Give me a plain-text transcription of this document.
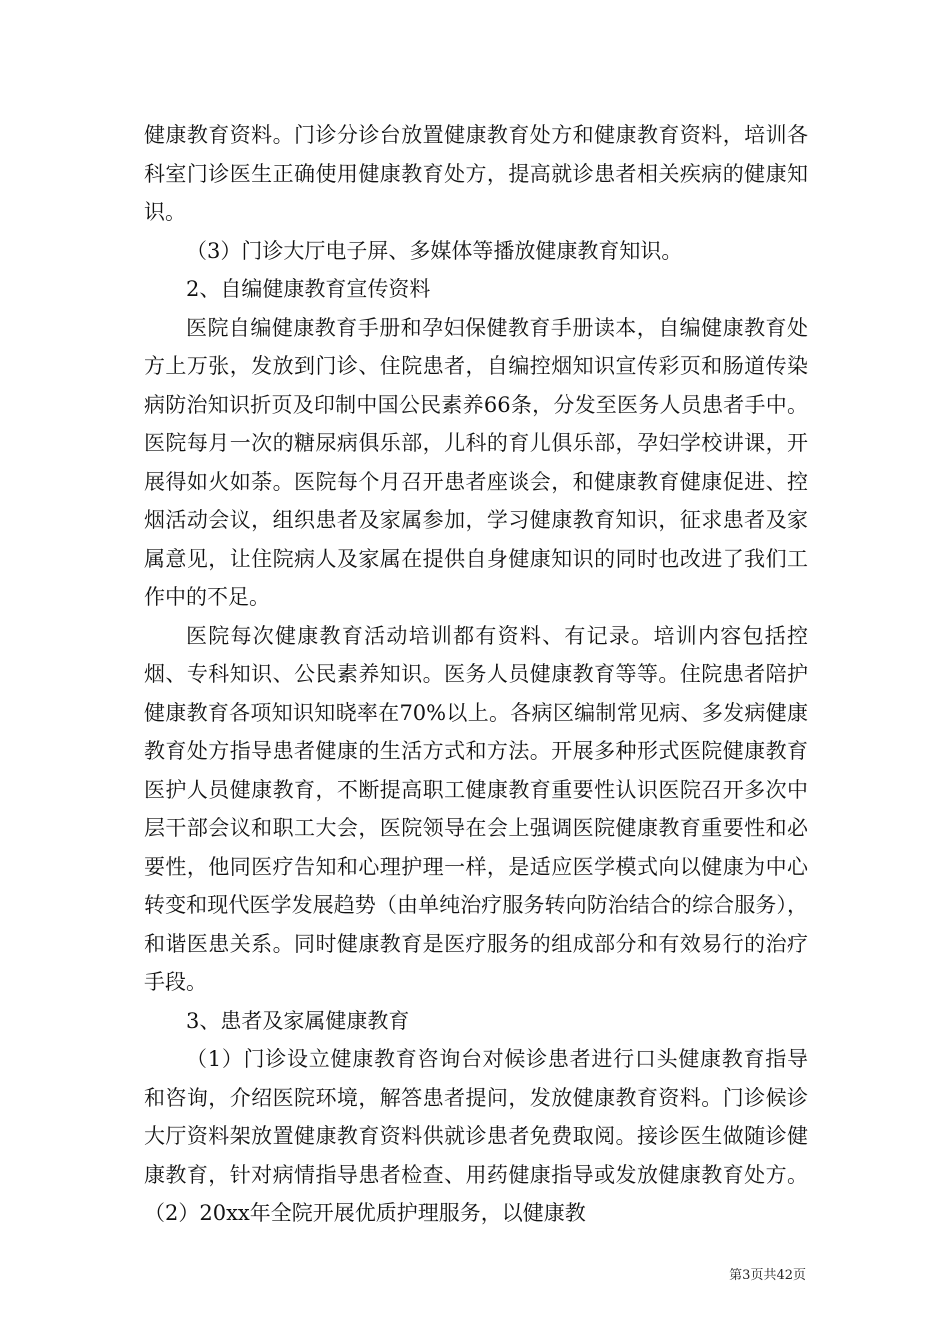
健康教育资料。门诊分诊台放置健康教育处方和健康教育资料，培训各科室门诊医生正确使用健康教育处方，提高就诊患者相关疾病的健康知识。

（3）门诊大厅电子屏、多媒体等播放健康教育知识。

2、自编健康教育宣传资料

医院自编健康教育手册和孕妇保健教育手册读本，自编健康教育处方上万张，发放到门诊、住院患者，自编控烟知识宣传彩页和肠道传染病防治知识折页及印制中国公民素养66条，分发至医务人员患者手中。医院每月一次的糖尿病俱乐部，儿科的育儿俱乐部，孕妇学校讲课，开展得如火如荼。医院每个月召开患者座谈会，和健康教育健康促进、控烟活动会议，组织患者及家属参加，学习健康教育知识，征求患者及家属意见，让住院病人及家属在提供自身健康知识的同时也改进了我们工作中的不足。

医院每次健康教育活动培训都有资料、有记录。培训内容包括控烟、专科知识、公民素养知识。医务人员健康教育等等。住院患者陪护健康教育各项知识知晓率在70%以上。各病区编制常见病、多发病健康教育处方指导患者健康的生活方式和方法。开展多种形式医院健康教育医护人员健康教育，不断提高职工健康教育重要性认识医院召开多次中层干部会议和职工大会，医院领导在会上强调医院健康教育重要性和必要性，他同医疗告知和心理护理一样，是适应医学模式向以健康为中心转变和现代医学发展趋势（由单纯治疗服务转向防治结合的综合服务），和谐医患关系。同时健康教育是医疗服务的组成部分和有效易行的治疗手段。

3、患者及家属健康教育

（1）门诊设立健康教育咨询台对候诊患者进行口头健康教育指导和咨询，介绍医院环境，解答患者提问，发放健康教育资料。门诊候诊大厅资料架放置健康教育资料供就诊患者免费取阅。接诊医生做随诊健康教育，针对病情指导患者检查、用药健康指导或发放健康教育处方。（2）20xx年全院开展优质护理服务，以健康教

第3页共42页
